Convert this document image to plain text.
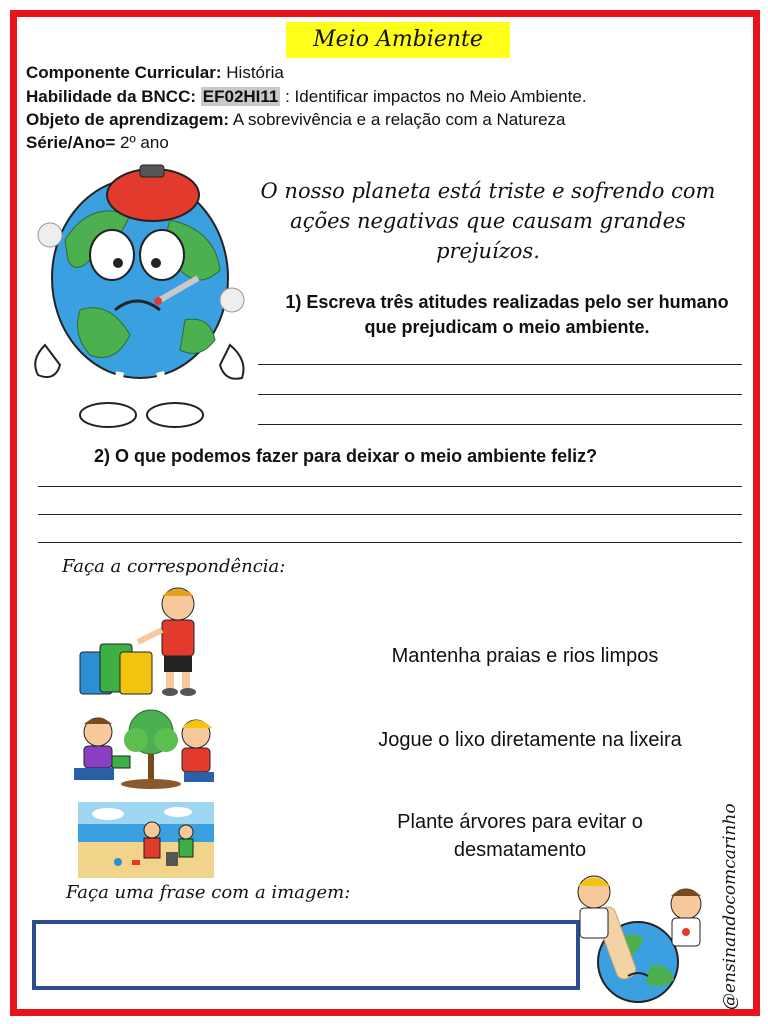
Meio Ambiente
Componente Curricular: História
Habilidade da BNCC: EF02HI11 : Identificar impactos no Meio Ambiente.
Objeto de aprendizagem: A sobrevivência e a relação com a Natureza
Série/Ano= 2º ano
O nosso planeta está triste e sofrendo com
ações negativas que causam grandes
prejuízos.
1) Escreva três atitudes realizadas pelo ser humano
que prejudicam o meio ambiente.
2) O que podemos fazer para deixar o meio ambiente feliz?
Faça a correspondência:
Mantenha praias e rios limpos
Jogue o lixo diretamente na lixeira
Plante árvores para evitar o
desmatamento
Faça uma frase com a imagem:	@ensinandocomcarinho
